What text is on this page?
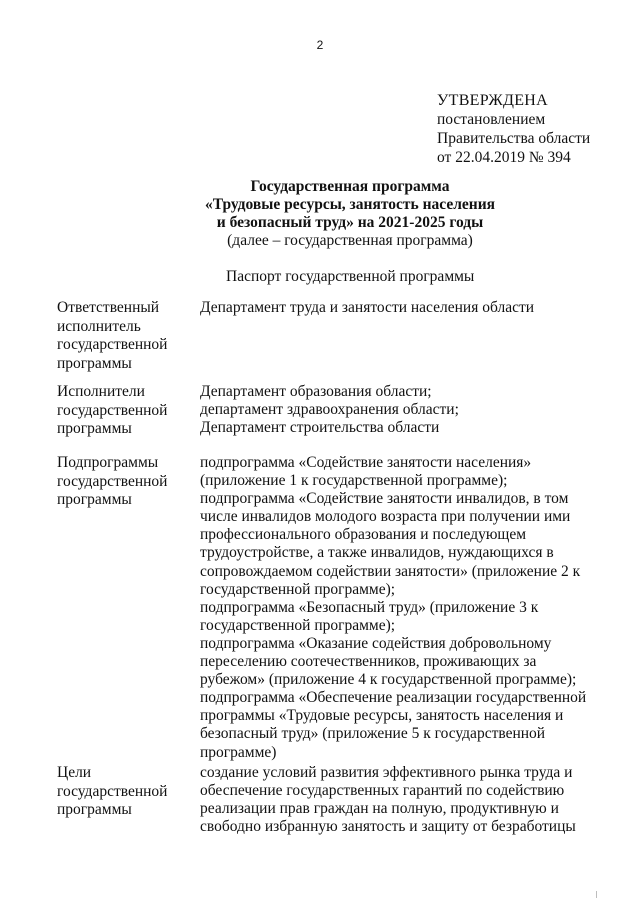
2
УТВЕРЖДЕНА
постановлением
Правительства области
от 22.04.2019 № 394
Государственная программа
«Трудовые ресурсы, занятость населения
и безопасный труд» на 2021-2025 годы
(далее – государственная программа)
Паспорт государственной программы
Ответственный
исполнитель
государственной
программы
Департамент труда и занятости населения области
Исполнители
государственной
программы
Департамент образования области;
департамент здравоохранения области;
Департамент строительства области
Подпрограммы
государственной
программы
подпрограмма «Содействие занятости населения»
(приложение 1 к государственной программе);
подпрограмма «Содействие занятости инвалидов, в том
числе инвалидов молодого возраста при получении ими
профессионального образования и последующем
трудоустройстве, а также инвалидов, нуждающихся в
сопровождаемом содействии занятости» (приложение 2 к
государственной программе);
подпрограмма «Безопасный труд» (приложение 3 к
государственной программе);
подпрограмма «Оказание содействия добровольному
переселению соотечественников, проживающих за
рубежом» (приложение 4 к государственной программе);
подпрограмма «Обеспечение реализации государственной
программы «Трудовые ресурсы, занятость населения и
безопасный труд» (приложение 5 к государственной
программе)
Цели
государственной
программы
создание условий развития эффективного рынка труда и
обеспечение государственных гарантий по содействию
реализации прав граждан на полную, продуктивную и
свободно избранную занятость и защиту от безработицы
